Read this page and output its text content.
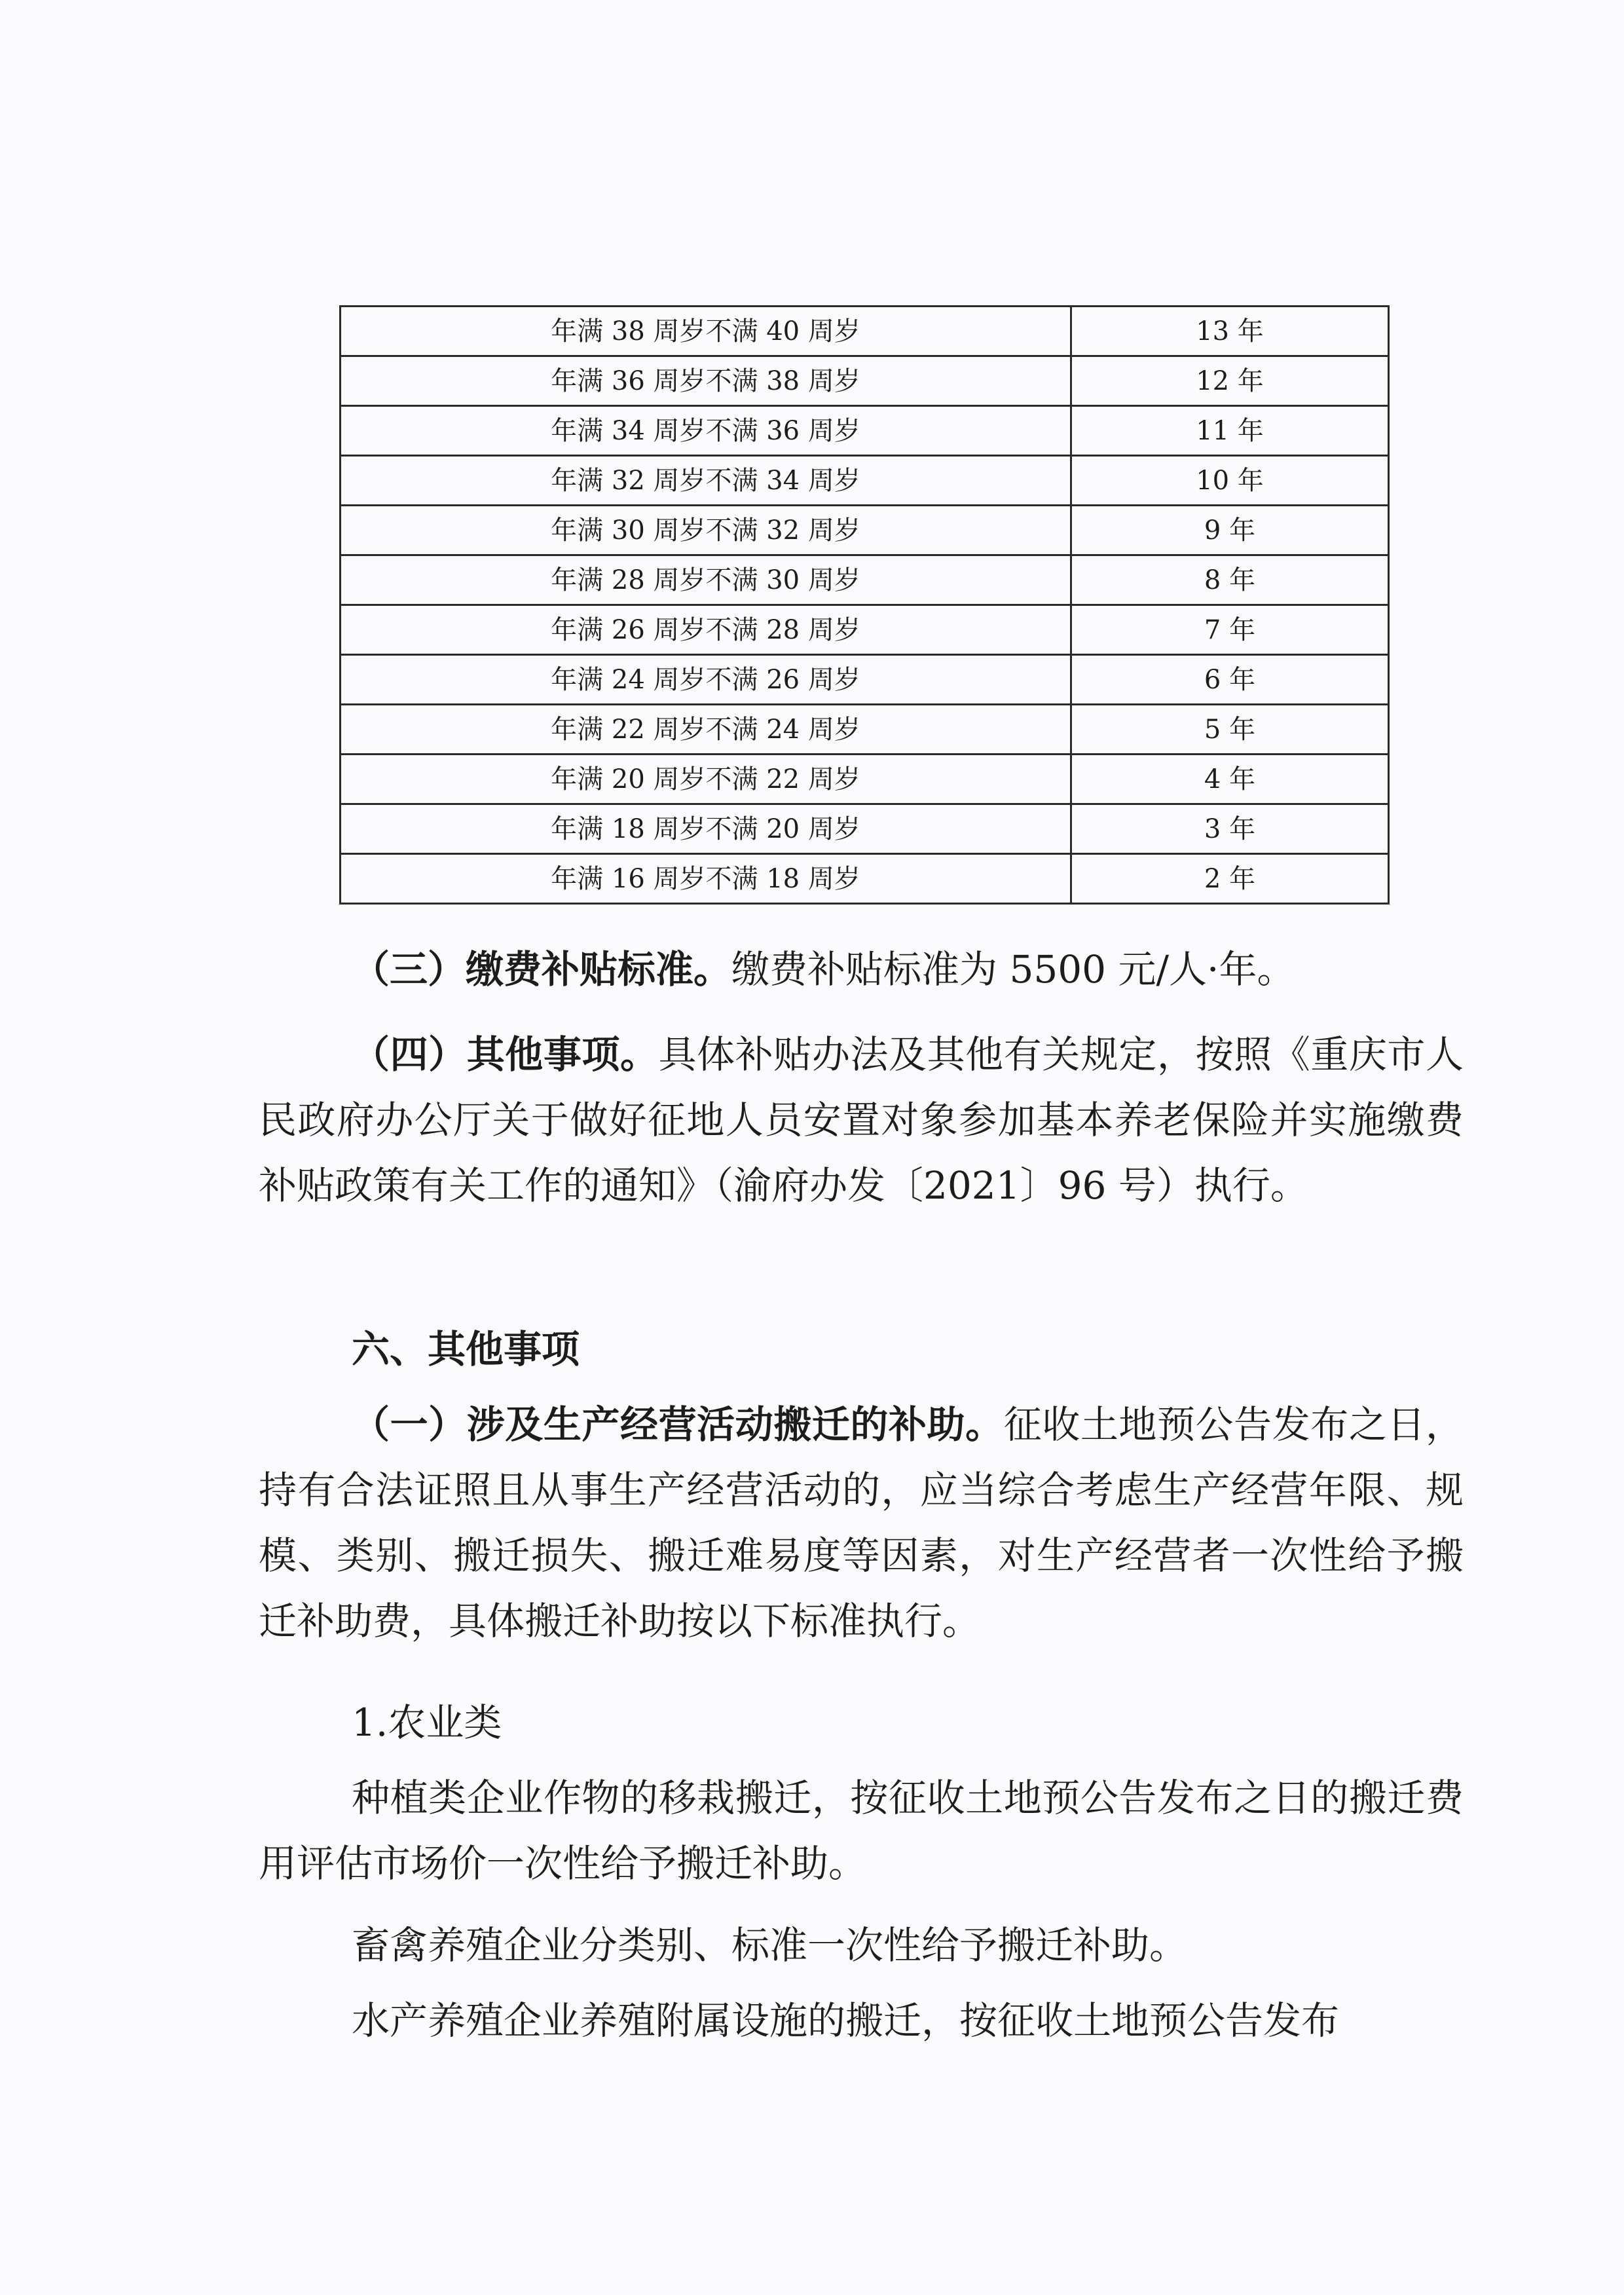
年满 38 周岁不满 40 周岁	13 年
年满 36 周岁不满 38 周岁	12 年
年满 34 周岁不满 36 周岁	11 年
年满 32 周岁不满 34 周岁	10 年
年满 30 周岁不满 32 周岁	9 年
年满 28 周岁不满 30 周岁	8 年
年满 26 周岁不满 28 周岁	7 年
年满 24 周岁不满 26 周岁	6 年
年满 22 周岁不满 24 周岁	5 年
年满 20 周岁不满 22 周岁	4 年
年满 18 周岁不满 20 周岁	3 年
年满 16 周岁不满 18 周岁	2 年

（三）缴费补贴标准。缴费补贴标准为 5500 元/人·年。

（四）其他事项。具体补贴办法及其他有关规定，按照《重庆市人民政府办公厅关于做好征地人员安置对象参加基本养老保险并实施缴费补贴政策有关工作的通知》（渝府办发〔2021〕96 号）执行。

六、其他事项

（一）涉及生产经营活动搬迁的补助。征收土地预公告发布之日，持有合法证照且从事生产经营活动的，应当综合考虑生产经营年限、规模、类别、搬迁损失、搬迁难易度等因素，对生产经营者一次性给予搬迁补助费，具体搬迁补助按以下标准执行。

1.农业类

种植类企业作物的移栽搬迁，按征收土地预公告发布之日的搬迁费用评估市场价一次性给予搬迁补助。

畜禽养殖企业分类别、标准一次性给予搬迁补助。

水产养殖企业养殖附属设施的搬迁，按征收土地预公告发布
